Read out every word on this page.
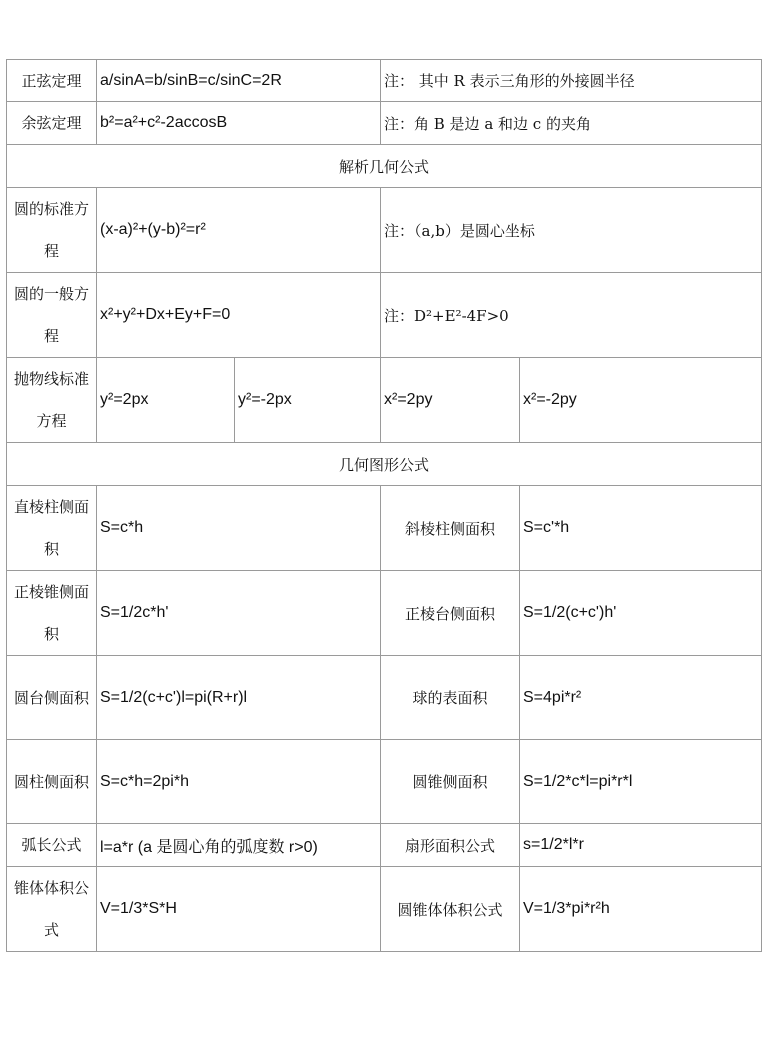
正弦定理	a/sinA=b/sinB=c/sinC=2R		注： 其中 R 表示三角形的外接圆半径	
余弦定理	b²=a²+c²-2accosB		注：角 B 是边 a 和边 c 的夹角	
解析几何公式				
圆的标准方程	(x-a)²+(y-b)²=r²		注：（a,b）是圆心坐标	
圆的一般方程	x²+y²+Dx+Ey+F=0		注：D²+E²-4F>0	
抛物线标准方程	y²=2px	y²=-2px	x²=2py	x²=-2py
几何图形公式				
直棱柱侧面积	S=c*h		斜棱柱侧面积	S=c'*h
正棱锥侧面积	S=1/2c*h'		正棱台侧面积	S=1/2(c+c')h'
圆台侧面积	S=1/2(c+c')l=pi(R+r)l		球的表面积	S=4pi*r²
圆柱侧面积	S=c*h=2pi*h		圆锥侧面积	S=1/2*c*l=pi*r*l
弧长公式	l=a*r (a 是圆心角的弧度数 r>0)		扇形面积公式	s=1/2*l*r
锥体体积公式	V=1/3*S*H		圆锥体体积公式	V=1/3*pi*r²h
